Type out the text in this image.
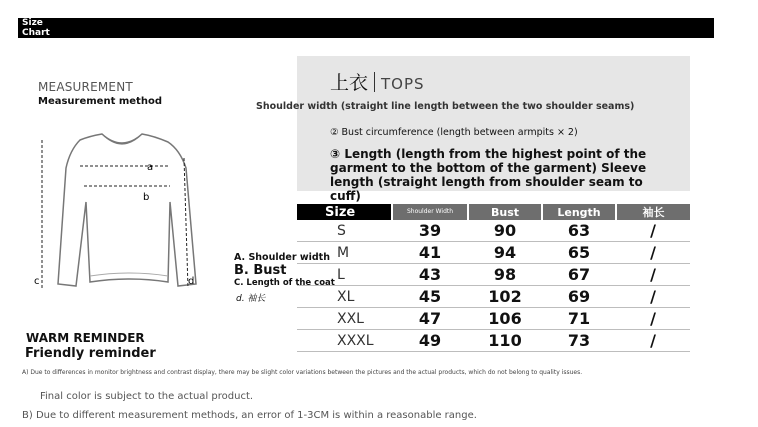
Size Chart
MEASUREMENT
Measurement method
a
b
c	d
上衣 TOPS
Shoulder width (straight line length between the two shoulder seams)
② Bust circumference (length between armpits × 2)
③ Length (length from the highest point of the garment to the bottom of the garment) Sleeve length (straight length from shoulder seam to cuff)
A. Shoulder width
B. Bust
C. Length of the coat
d. 袖长
Size	Shoulder Width	Bust	Length	袖长
S	39	90	63	/
M	41	94	65	/
L	43	98	67	/
XL	45	102	69	/
XXL	47	106	71	/
XXXL	49	110	73	/
WARM REMINDER
Friendly reminder
A) Due to differences in monitor brightness and contrast display, there may be slight color variations between the pictures and the actual products, which do not belong to quality issues.
Final color is subject to the actual product.
B) Due to different measurement methods, an error of 1-3CM is within a reasonable range.
